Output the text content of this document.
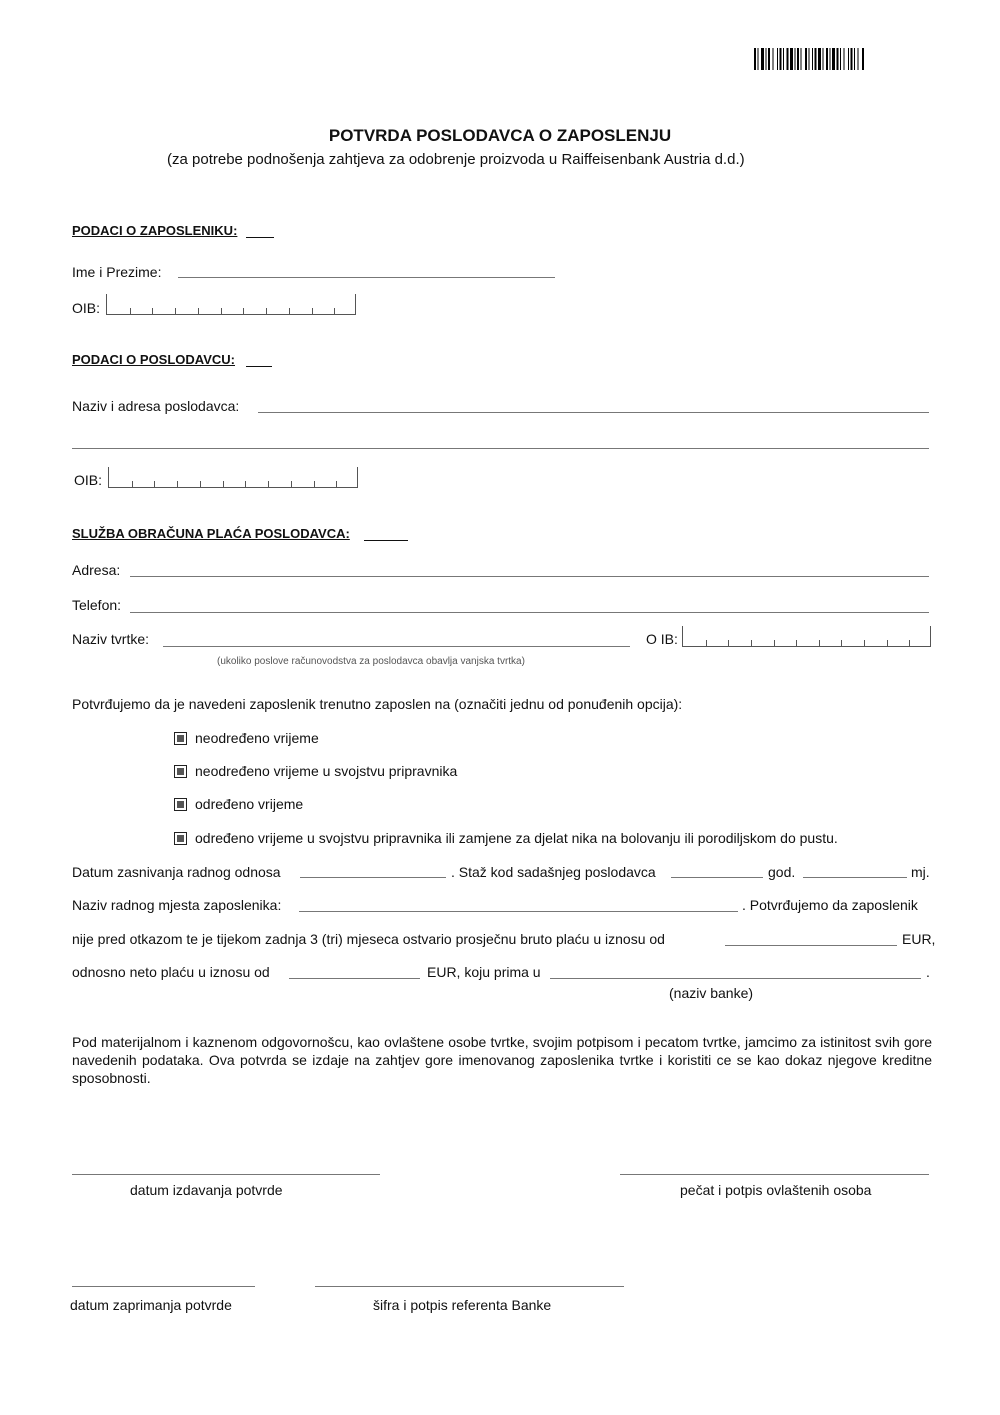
POTVRDA POSLODAVCA O ZAPOSLENJU
(za potrebe podnošenja zahtjeva za odobrenje proizvoda u Raiffeisenbank Austria d.d.)
PODACI O ZAPOSLENIKU:
Ime i Prezime:
OIB:
PODACI O POSLODAVCU:
Naziv i adresa poslodavca:
OIB:
SLUŽBA OBRAČUNA PLAĆA POSLODAVCA:
Adresa:
Telefon:
Naziv tvrtke:	O IB:
(ukoliko poslove računovodstva za poslodavca obavlja vanjska tvrtka)
Potvrđujemo da je navedeni zaposlenik trenutno zaposlen na (označiti jednu od ponuđenih opcija):
neodređeno vrijeme
neodređeno vrijeme u svojstvu pripravnika
određeno vrijeme
određeno vrijeme u svojstvu pripravnika ili zamjene za djelat nika na bolovanju ili porodiljskom do pustu.
Datum zasnivanja radnog odnosa	. Staž kod sadašnjeg poslodavca	god.	mj.
Naziv radnog mjesta zaposlenika:	. Potvrđujemo da zaposlenik
nije pred otkazom te je tijekom zadnja 3 (tri) mjeseca ostvario prosječnu bruto plaću u iznosu od	EUR,
odnosno neto plaću u iznosu od	EUR, koju prima u	.
(naziv banke)
Pod materijalnom i kaznenom odgovornošcu, kao ovlaštene osobe tvrtke, svojim potpisom i pecatom tvrtke, jamcimo za istinitost svih gore navedenih podataka. Ova potvrda se izdaje na zahtjev gore imenovanog zaposlenika tvrtke i koristiti ce se kao dokaz njegove kreditne sposobnosti.
datum izdavanja potvrde	pečat i potpis ovlaštenih osoba
datum zaprimanja potvrde	šifra i potpis referenta Banke
